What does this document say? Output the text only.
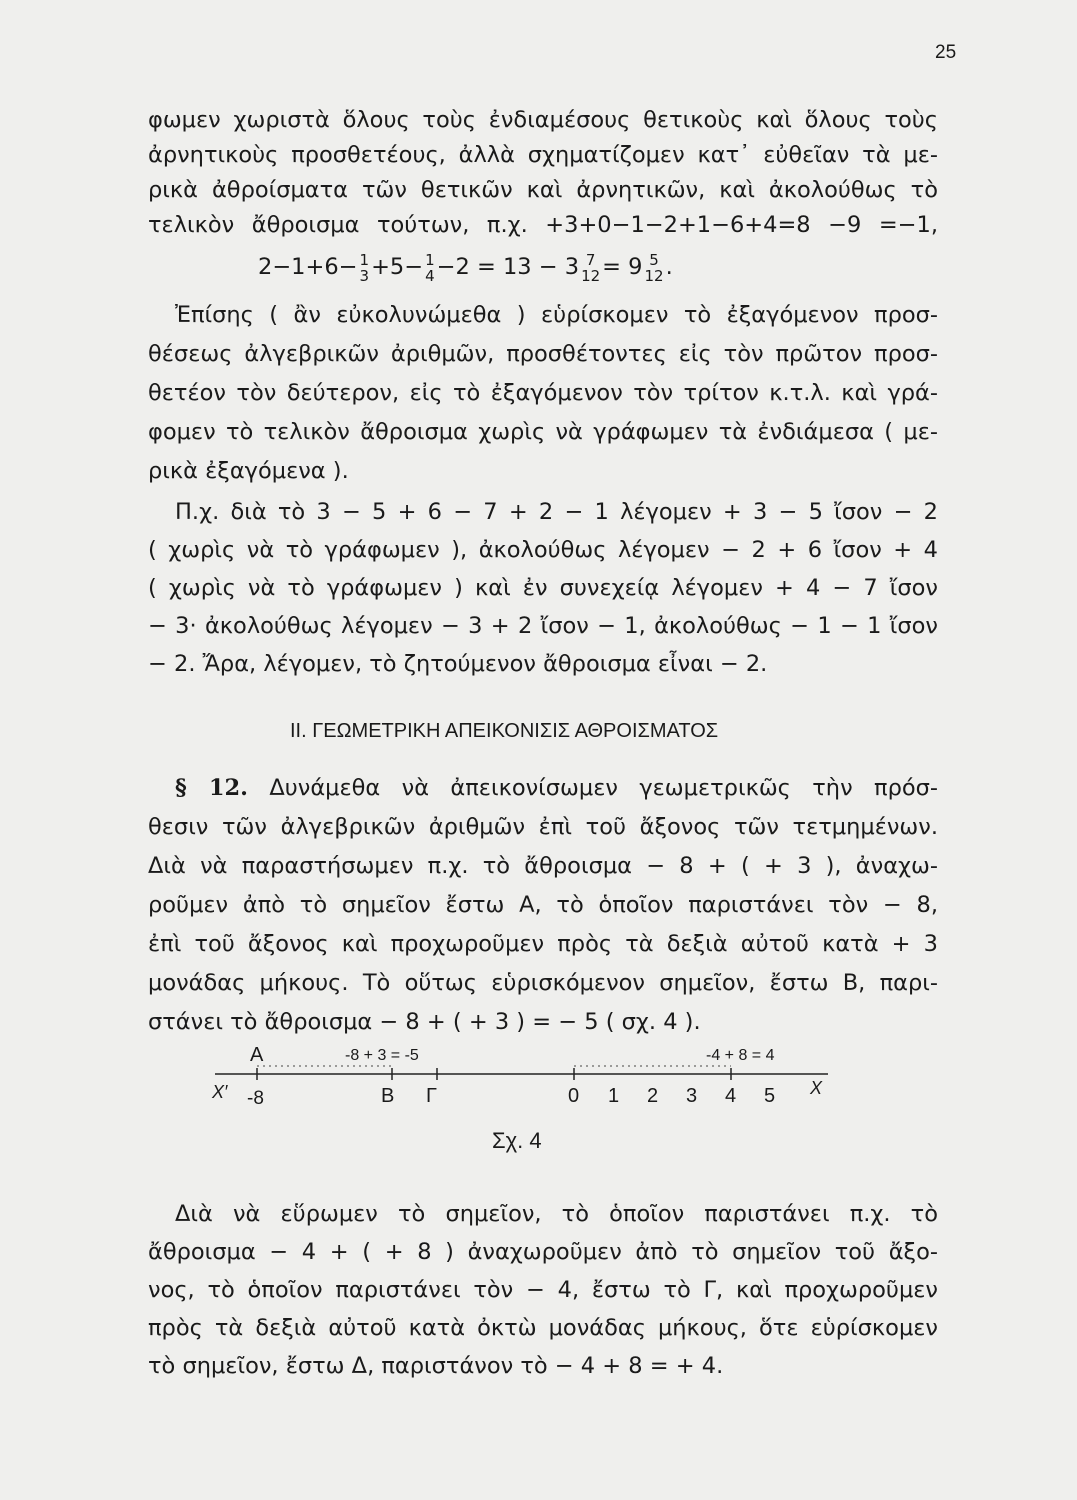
25
φωμεν χωριστὰ ὅλους τοὺς ἐνδιαμέσους θετικοὺς καὶ ὅλους τοὺς
ἀρνητικοὺς προσθετέους, ἀλλὰ σχηματίζομεν κατ᾽ εὐθεῖαν τὰ με-
ρικὰ ἀθροίσματα τῶν θετικῶν καὶ ἀρνητικῶν, καὶ ἀκολούθως τὸ
τελικὸν ἄθροισμα τούτων, π.χ. +3+0−1−2+1−6+4=8 −9 =−1,
2−1+6− 1
3 +5− 1
4 −2 = 13 − 3 7
12 = 9 5
12 .
Ἐπίσης ( ἂν εὐκολυνώμεθα ) εὑρίσκομεν τὸ ἐξαγόμενον προσ-
θέσεως ἀλγεβρικῶν ἀριθμῶν, προσθέτοντες εἰς τὸν πρῶτον προσ-
θετέον τὸν δεύτερον, εἰς τὸ ἐξαγόμενον τὸν τρίτον κ.τ.λ. καὶ γρά-
φομεν τὸ τελικὸν ἄθροισμα χωρὶς νὰ γράφωμεν τὰ ἐνδιάμεσα ( με-
ρικὰ ἐξαγόμενα ).
Π.χ. διὰ τὸ 3 − 5 + 6 − 7 + 2 − 1 λέγομεν + 3 − 5 ἴσον − 2
( χωρὶς νὰ τὸ γράφωμεν ), ἀκολούθως λέγομεν − 2 + 6 ἴσον + 4
( χωρὶς νὰ τὸ γράφωμεν ) καὶ ἐν συνεχείᾳ λέγομεν + 4 − 7 ἴσον
− 3· ἀκολούθως λέγομεν − 3 + 2 ἴσον − 1, ἀκολούθως − 1 − 1 ἴσον
− 2. Ἄρα, λέγομεν, τὸ ζητούμενον ἄθροισμα εἶναι − 2.
ΙΙ. ΓΕΩΜΕΤΡΙΚΗ ΑΠΕΙΚΟΝΙΣΙΣ ΑΘΡΟΙΣΜΑΤΟΣ
§ 12. Δυνάμεθα νὰ ἀπεικονίσωμεν γεωμετρικῶς τὴν πρόσ-
θεσιν τῶν ἀλγεβρικῶν ἀριθμῶν ἐπὶ τοῦ ἄξονος τῶν τετμημένων.
Διὰ νὰ παραστήσωμεν π.χ. τὸ ἄθροισμα − 8 + ( + 3 ), ἀναχω-
ροῦμεν ἀπὸ τὸ σημεῖον ἔστω Α, τὸ ὁποῖον παριστάνει τὸν − 8,
ἐπὶ τοῦ ἄξονος καὶ προχωροῦμεν πρὸς τὰ δεξιὰ αὐτοῦ κατὰ + 3
μονάδας μήκους. Τὸ οὕτως εὑρισκόμενον σημεῖον, ἔστω Β, παρι-
στάνει τὸ ἄθροισμα − 8 + ( + 3 ) = − 5 ( σχ. 4 ).
Α	-8 + 3 = -5	-4 + 8 = 4
X′ -8	Β Γ	0 1 2 3 4 5 X
Σχ. 4
Διὰ νὰ εὕρωμεν τὸ σημεῖον, τὸ ὁποῖον παριστάνει π.χ. τὸ
ἄθροισμα − 4 + ( + 8 ) ἀναχωροῦμεν ἀπὸ τὸ σημεῖον τοῦ ἄξο-
νος, τὸ ὁποῖον παριστάνει τὸν − 4, ἔστω τὸ Γ, καὶ προχωροῦμεν
πρὸς τὰ δεξιὰ αὐτοῦ κατὰ ὀκτὼ μονάδας μήκους, ὅτε εὑρίσκομεν
τὸ σημεῖον, ἔστω Δ, παριστάνον τὸ − 4 + 8 = + 4.
